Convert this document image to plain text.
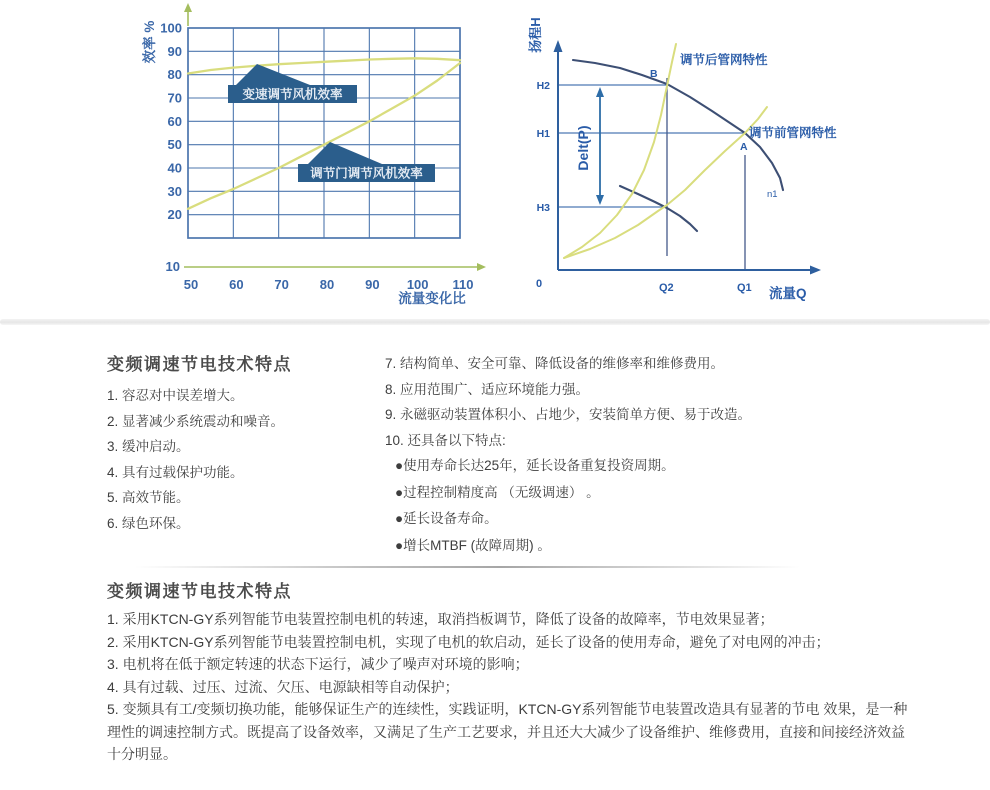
100
90
80
70
60
50
40
30
20
10
50 60 70 80 90 100 110
流量变化比
效率 %
变速调节风机效率
调节门调节风机效率
H2
H1
H3
扬程H
调节后管网特性
调节前管网特性
Delt(P)
B
A
n1
0	Q2	Q1 流量Q
变频调速节电技术特点
1. 容忍对中误差增大。
2. 显著减少系统震动和噪音。
3. 缓冲启动。
4. 具有过载保护功能。
5. 高效节能。
6. 绿色环保。
7. 结构简单、安全可靠、降低设备的维修率和维修费用。
8. 应用范围广、适应环境能力强。
9. 永磁驱动装置体积小、占地少，安装简单方便、易于改造。
10. 还具备以下特点:
●使用寿命长达25年，延长设备重复投资周期。
●过程控制精度高 （无级调速） 。
●延长设备寿命。
●增长MTBF (故障周期) 。
变频调速节电技术特点
1. 采用KTCN-GY系列智能节电装置控制电机的转速，取消挡板调节，降低了设备的故障率，节电效果显著；
2. 采用KTCN-GY系列智能节电装置控制电机，实现了电机的软启动，延长了设备的使用寿命，避免了对电网的冲击；
3. 电机将在低于额定转速的状态下运行，减少了噪声对环境的影响；
4. 具有过载、过压、过流、欠压、电源缺相等自动保护；
5. 变频具有工/变频切换功能，能够保证生产的连续性，实践证明，KTCN-GY系列智能节电装置改造具有显著的节电 效果，是一种理性的调速控制方式。既提高了设备效率，又满足了生产工艺要求，并且还大大减少了设备维护、维修费用，直接和间接经济效益十分明显。
